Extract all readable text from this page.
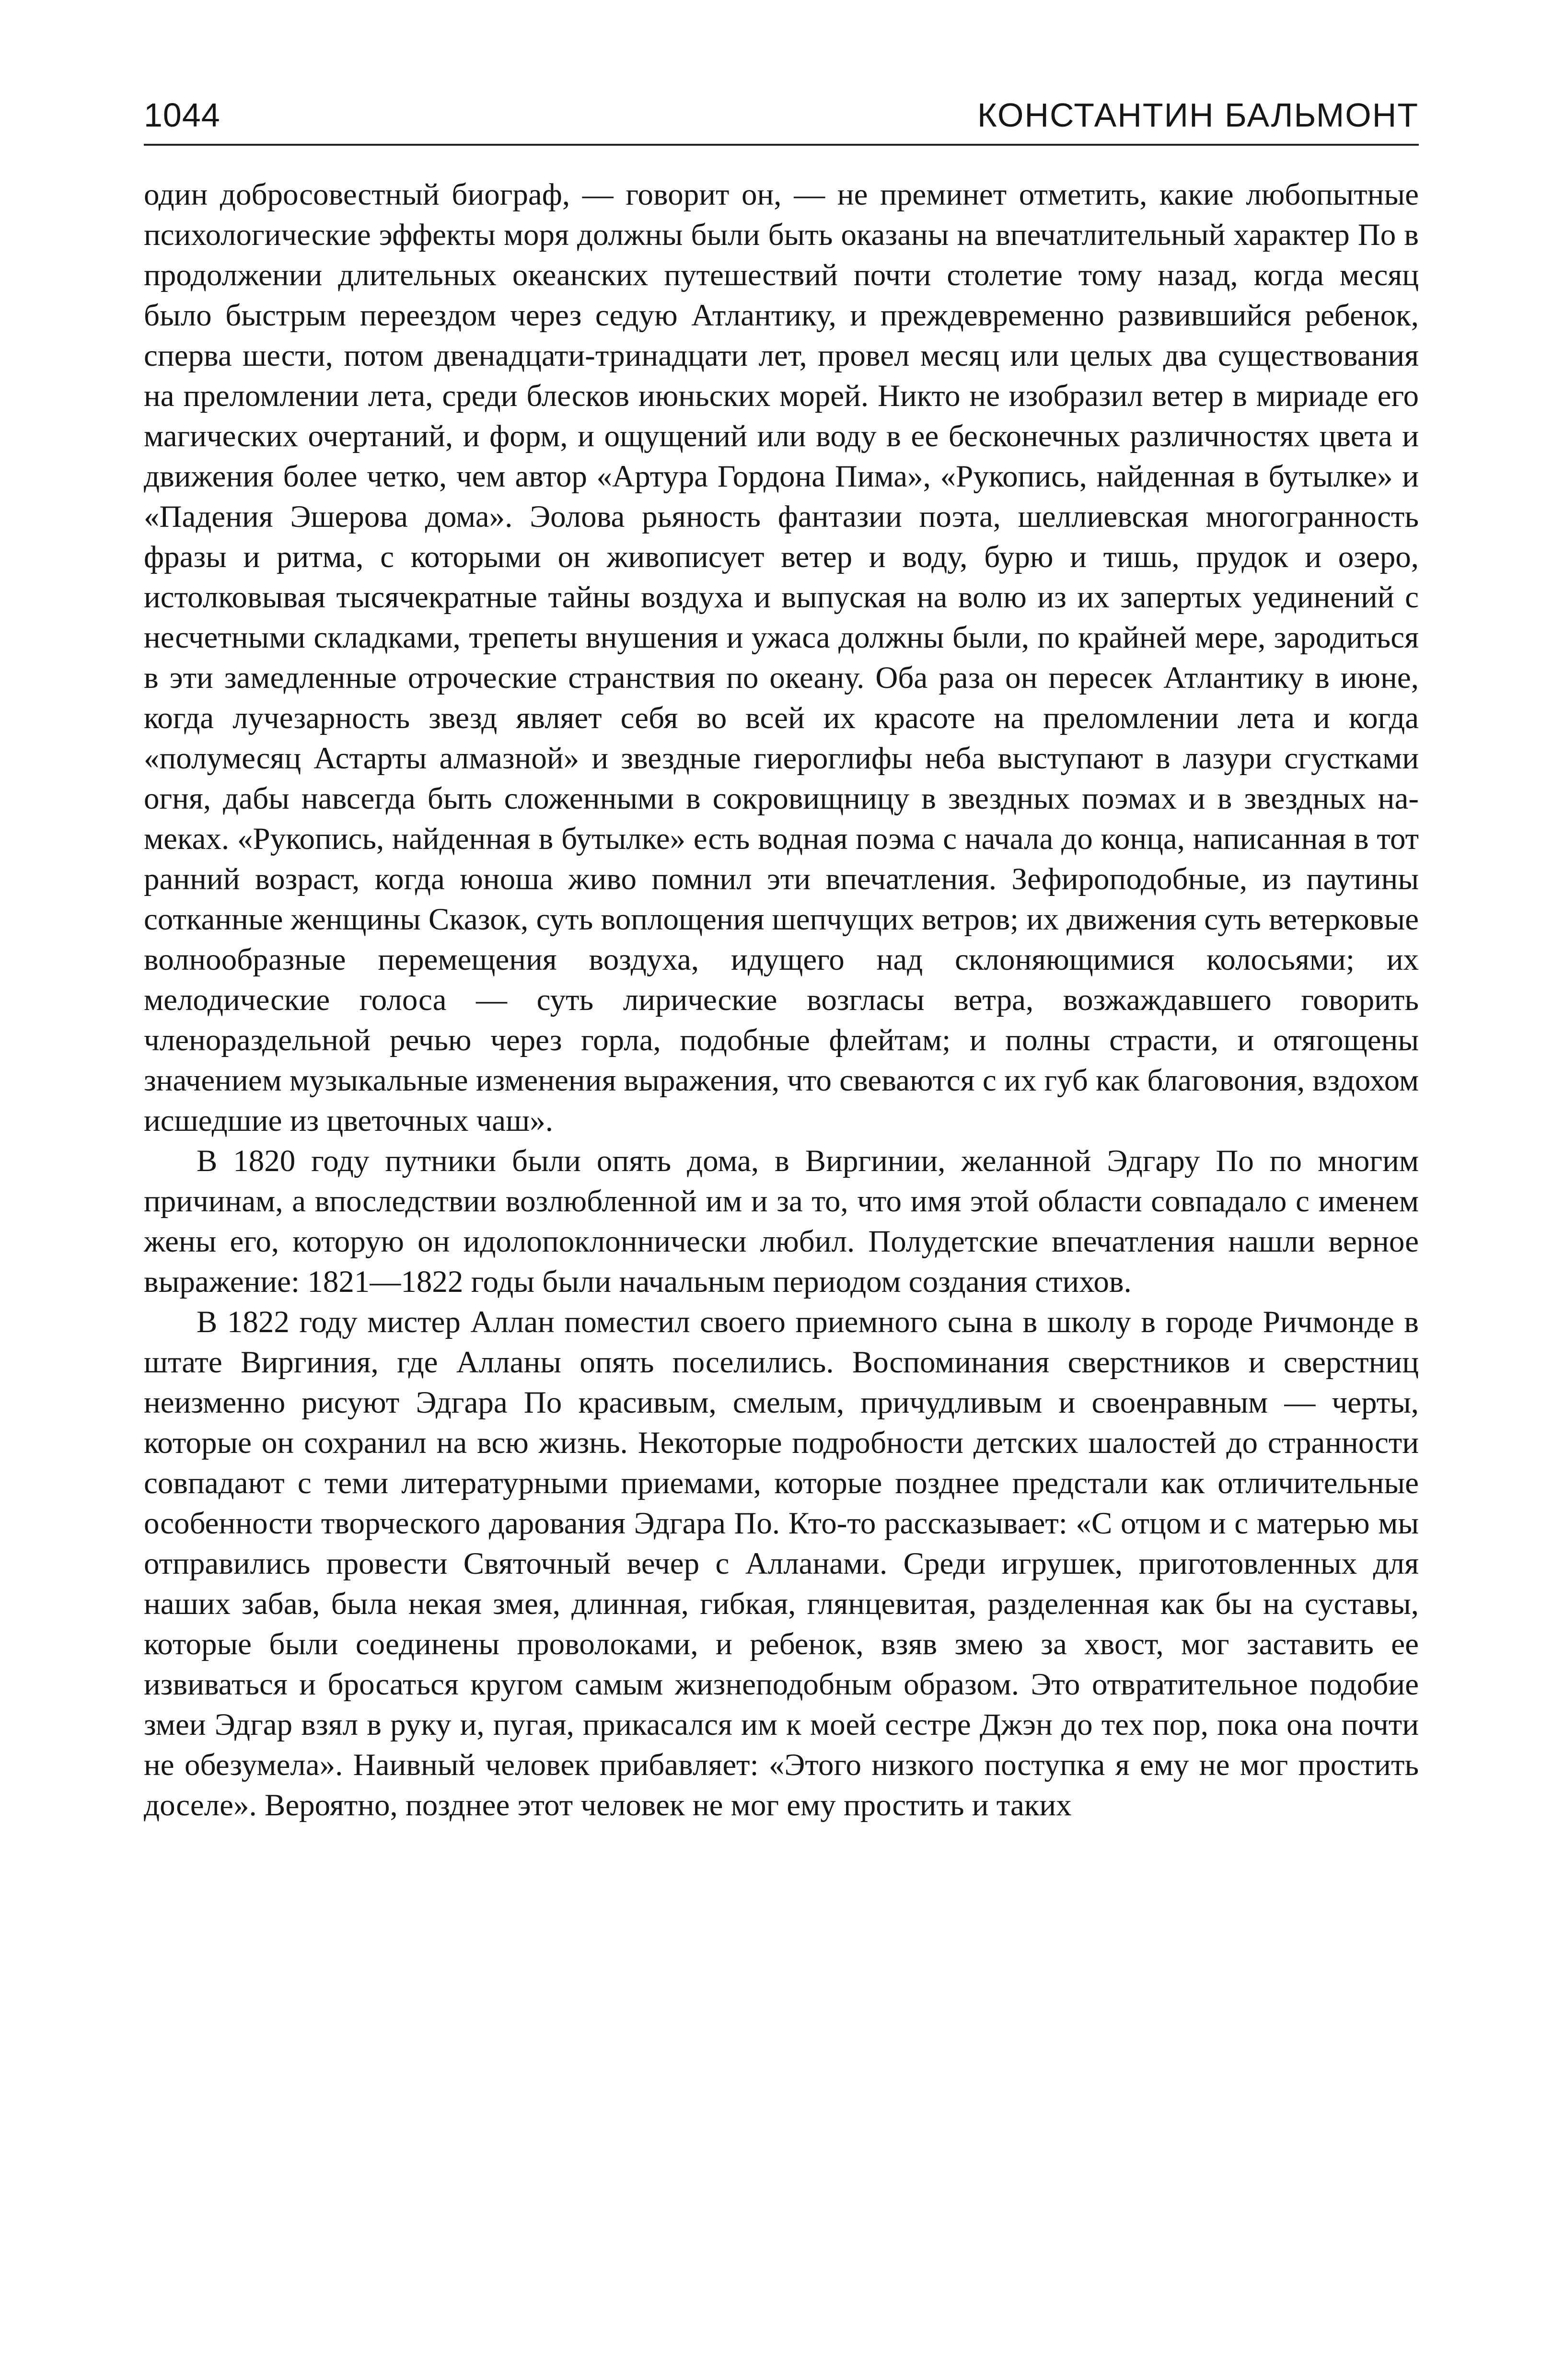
1044	КОНСТАНТИН БАЛЬМОНТ

один добросовестный биограф, — говорит он, — не преминет отметить, какие любопытные психологические эффекты моря должны были быть оказаны на впечатлительный характер По в продолжении длительных океанских путешествий почти столетие тому назад, когда месяц было быстрым переездом через седую Атлантику, и преждевременно развившийся ребенок, сперва шести, потом двенадцати-тринадцати лет, провел месяц или целых два существования на преломлении лета, среди блесков июньских морей. Никто не изобразил ветер в мириаде его магических очертаний, и форм, и ощущений или воду в ее бесконечных различностях цвета и движения более четко, чем автор «Артура Гордона Пима», «Рукопись, найденная в бутылке» и «Падения Эшерова дома». Эолова рьяность фантазии поэта, шеллиевская многогранность фразы и ритма, с которыми он живописует ветер и воду, бурю и тишь, прудок и озеро, истолковывая тысячекратные тайны воздуха и выпуская на волю из их запертых уединений с несчетными складками, трепеты внушения и ужаса должны были, по крайней мере, зародиться в эти замедленные отроческие странствия по океану. Оба раза он пересек Атлантику в июне, когда лучезарность звезд являет себя во всей их красоте на преломлении лета и когда «полумесяц Астарты алмазной» и звездные гиероглифы неба выступают в лазури сгустками огня, дабы навсегда быть сложенными в сокровищницу в звездных поэмах и в звездных намеках. «Рукопись, найденная в бутылке» есть водная поэма с начала до конца, написанная в тот ранний возраст, когда юноша живо помнил эти впечатления. Зефироподобные, из паутины сотканные женщины Сказок, суть воплощения шепчущих ветров; их движения суть ветерковые волнообразные перемещения воздуха, идущего над склоняющимися колосьями; их мелодические голоса — суть лирические возгласы ветра, возжаждавшего говорить членораздельной речью через горла, подобные флейтам; и полны страсти, и отягощены значением музыкальные изменения выражения, что свеваются с их губ как благовония, вздохом исшедшие из цветочных чаш».

В 1820 году путники были опять дома, в Виргинии, желанной Эдгару По по многим причинам, а впоследствии возлюбленной им и за то, что имя этой области совпадало с именем жены его, которую он идолопоклоннически любил. Полудетские впечатления нашли верное выражение: 1821—1822 годы были начальным периодом создания стихов.

В 1822 году мистер Аллан поместил своего приемного сына в школу в городе Ричмонде в штате Виргиния, где Алланы опять поселились. Воспоминания сверстников и сверстниц неизменно рисуют Эдгара По красивым, смелым, причудливым и своенравным — черты, которые он сохранил на всю жизнь. Некоторые подробности детских шалостей до странности совпадают с теми литературными приемами, которые позднее предстали как отличительные особенности творческого дарования Эдгара По. Кто-то рассказывает: «С отцом и с матерью мы отправились провести Святочный вечер с Алланами. Среди игрушек, приготовленных для наших забав, была некая змея, длинная, гибкая, глянцевитая, разделенная как бы на суставы, которые были соединены проволоками, и ребенок, взяв змею за хвост, мог заставить ее извиваться и бросаться кругом самым жизнеподобным образом. Это отвратительное подобие змеи Эдгар взял в руку и, пугая, прикасался им к моей сестре Джэн до тех пор, пока она почти не обезумела». Наивный человек прибавляет: «Этого низкого поступка я ему не мог простить доселе». Вероятно, позднее этот человек не мог ему простить и таких
